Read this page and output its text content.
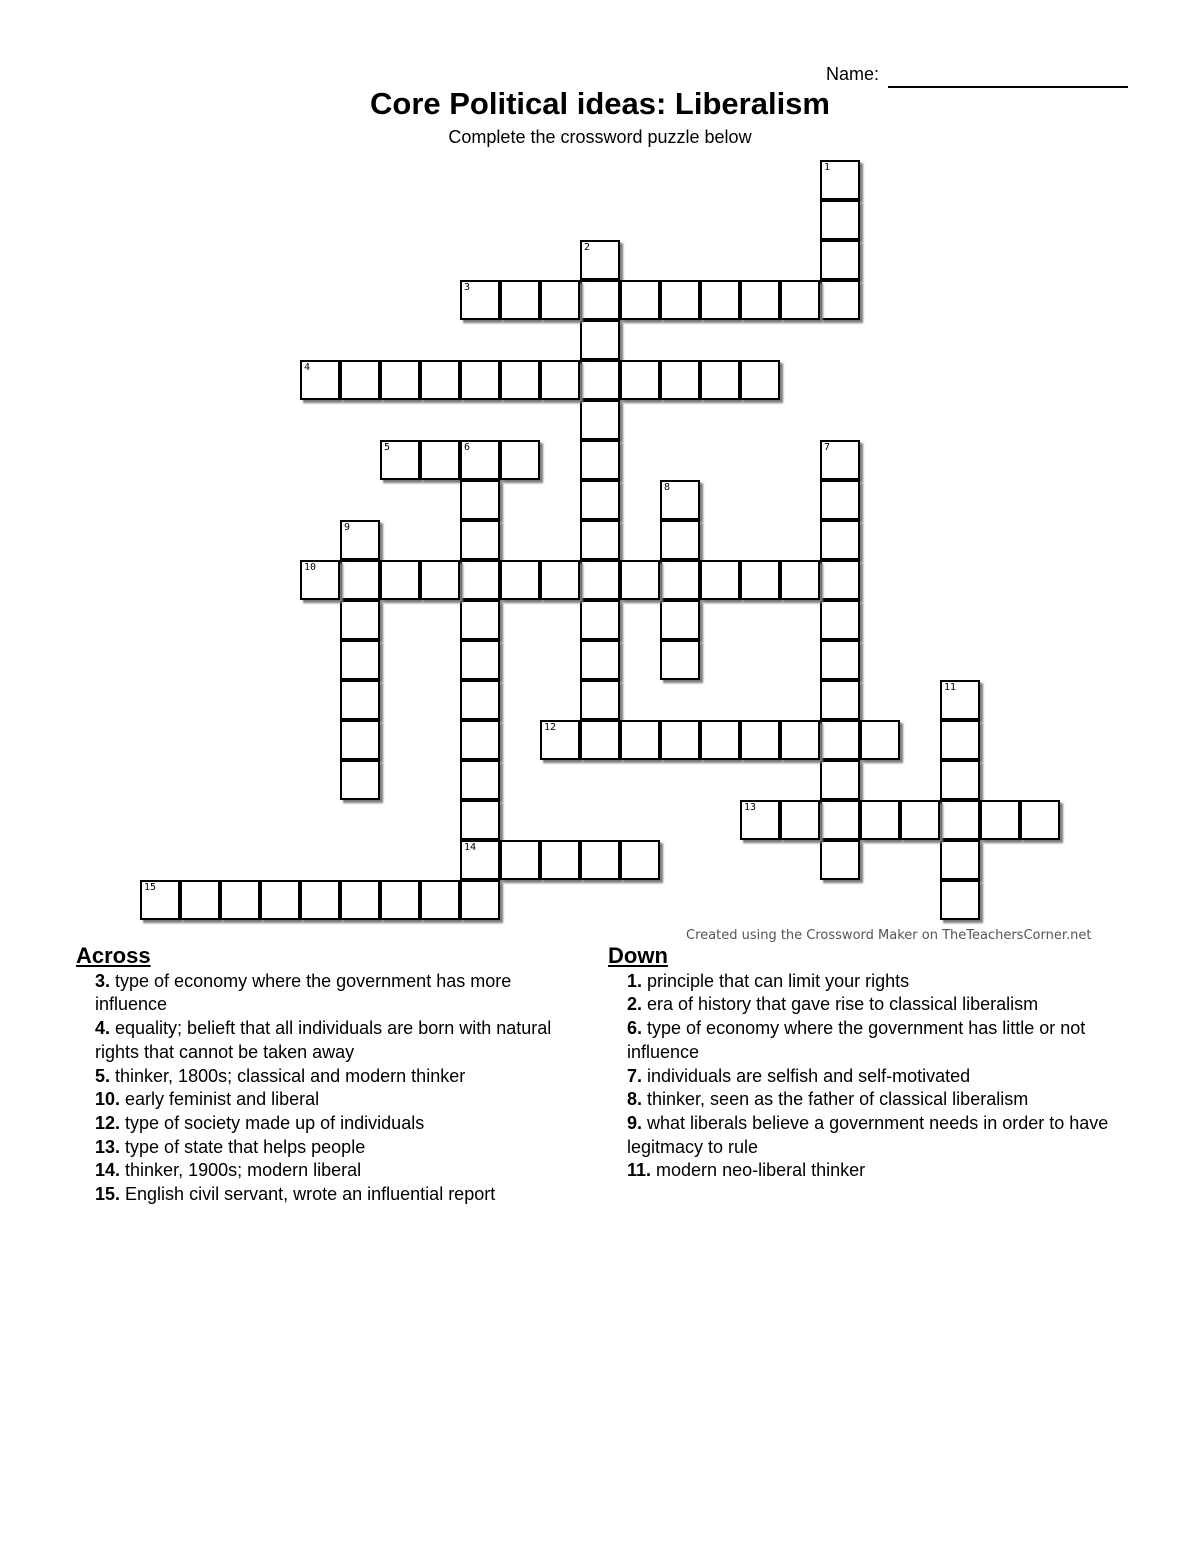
Name:
Core Political ideas: Liberalism
Complete the crossword puzzle below
1
2
3
4
5	6	7
8
9
10
11
12
13
14
15
Created using the Crossword Maker on TheTeachersCorner.net
Across
3. type of economy where the government has more influence
4. equality; belieft that all individuals are born with natural rights that cannot be taken away
5. thinker, 1800s; classical and modern thinker
10. early feminist and liberal
12. type of society made up of individuals
13. type of state that helps people
14. thinker, 1900s; modern liberal
15. English civil servant, wrote an influential report
Down
1. principle that can limit your rights
2. era of history that gave rise to classical liberalism
6. type of economy where the government has little or not influence
7. individuals are selfish and self-motivated
8. thinker, seen as the father of classical liberalism
9. what liberals believe a government needs in order to have legitmacy to rule
11. modern neo-liberal thinker
